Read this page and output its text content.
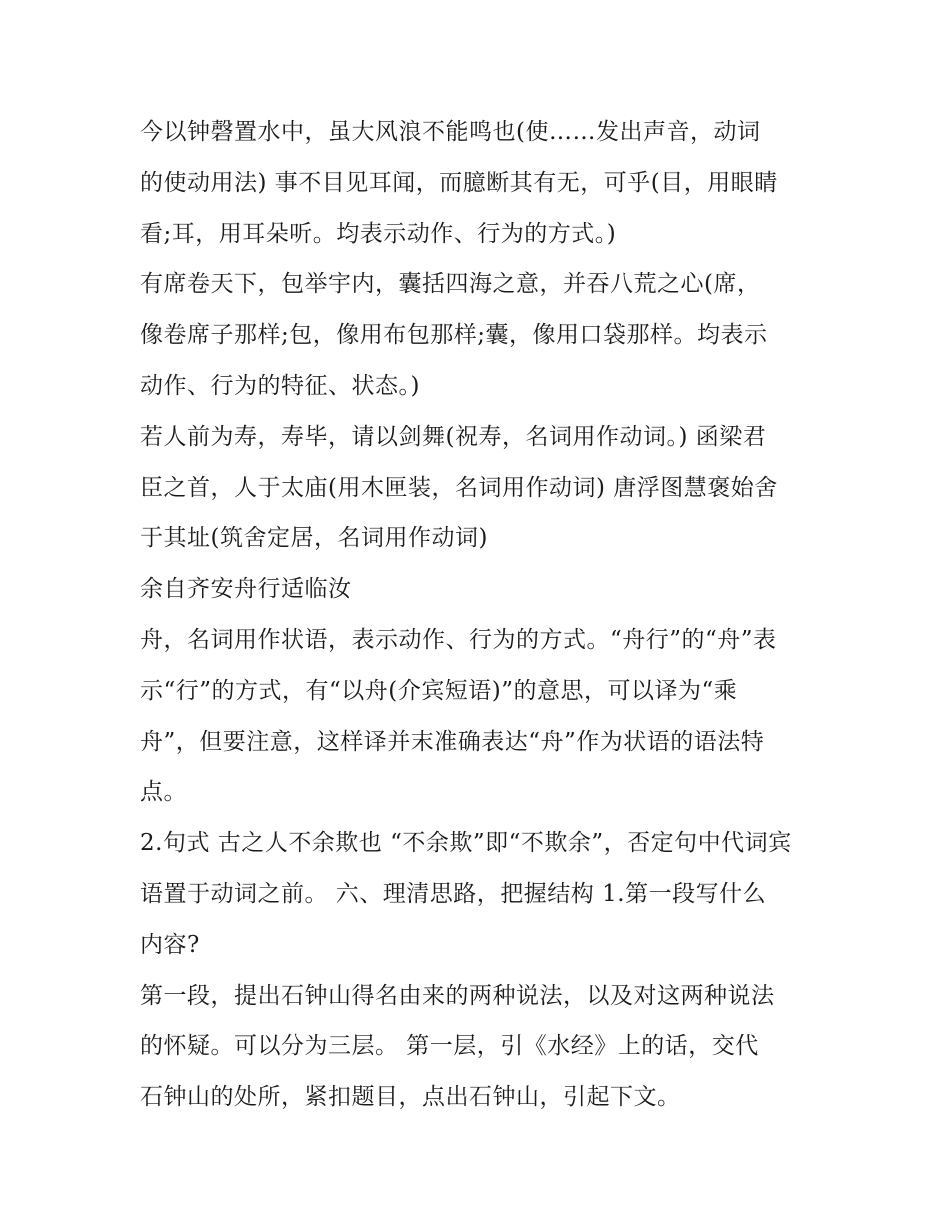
今以钟磬置水中，虽大风浪不能鸣也(使……发出声音，动词
的使动用法) 事不目见耳闻，而臆断其有无，可乎(目，用眼睛
看;耳，用耳朵听。均表示动作、行为的方式。)
有席卷天下，包举宇内，囊括四海之意，并吞八荒之心(席，
像卷席子那样;包，像用布包那样;囊，像用口袋那样。均表示
动作、行为的特征、状态。)
若人前为寿，寿毕，请以剑舞(祝寿，名词用作动词。) 函梁君
臣之首，人于太庙(用木匣装，名词用作动词) 唐浮图慧褒始舍
于其址(筑舍定居，名词用作动词)
余自齐安舟行适临汝
舟，名词用作状语，表示动作、行为的方式。“舟行”的“舟”表
示“行”的方式，有“以舟(介宾短语)”的意思，可以译为“乘
舟”，但要注意，这样译并末准确表达“舟”作为状语的语法特
点。
2.句式 古之人不余欺也 “不余欺”即“不欺余”，否定句中代词宾
语置于动词之前。 六、理清思路，把握结构 1.第一段写什么
内容?
第一段，提出石钟山得名由来的两种说法，以及对这两种说法
的怀疑。可以分为三层。 第一层，引《水经》上的话，交代
石钟山的处所，紧扣题目，点出石钟山，引起下文。
